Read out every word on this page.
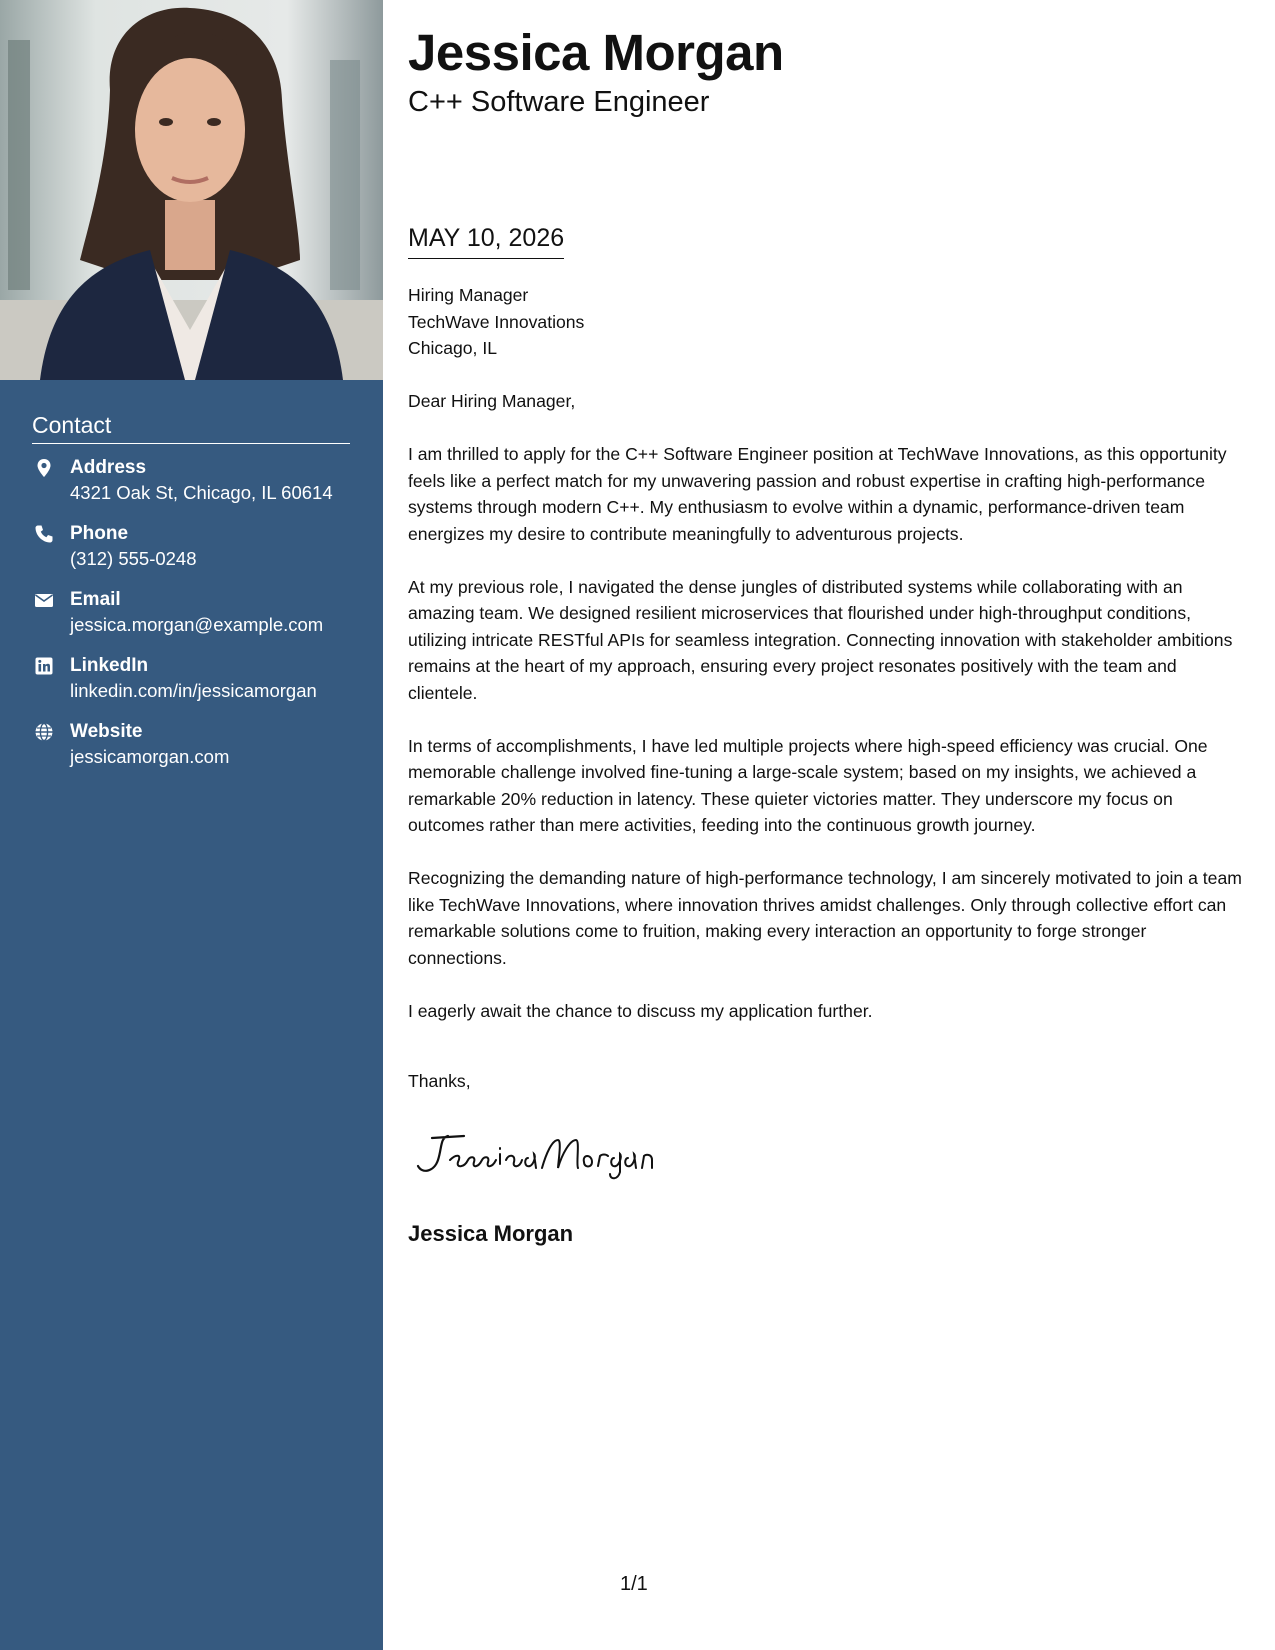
Contact
Address
4321 Oak St, Chicago, IL 60614
Phone
(312) 555-0248
Email
jessica.morgan@example.com
LinkedIn
linkedin.com/in/jessicamorgan
Website
jessicamorgan.com
Jessica Morgan
C++ Software Engineer
MAY 10, 2026
Hiring Manager
TechWave Innovations
Chicago, IL

Dear Hiring Manager,

I am thrilled to apply for the C++ Software Engineer position at TechWave Innovations, as this opportunity feels like a perfect match for my unwavering passion and robust expertise in crafting high-performance systems through modern C++. My enthusiasm to evolve within a dynamic, performance-driven team energizes my desire to contribute meaningfully to adventurous projects.

At my previous role, I navigated the dense jungles of distributed systems while collaborating with an amazing team. We designed resilient microservices that flourished under high-throughput conditions, utilizing intricate RESTful APIs for seamless integration. Connecting innovation with stakeholder ambitions remains at the heart of my approach, ensuring every project resonates positively with the team and clientele.

In terms of accomplishments, I have led multiple projects where high-speed efficiency was crucial. One memorable challenge involved fine-tuning a large-scale system; based on my insights, we achieved a remarkable 20% reduction in latency. These quieter victories matter. They underscore my focus on outcomes rather than mere activities, feeding into the continuous growth journey.

Recognizing the demanding nature of high-performance technology, I am sincerely motivated to join a team like TechWave Innovations, where innovation thrives amidst challenges. Only through collective effort can remarkable solutions come to fruition, making every interaction an opportunity to forge stronger connections.

I eagerly await the chance to discuss my application further.

Thanks,

Jessica Morgan
1/1
